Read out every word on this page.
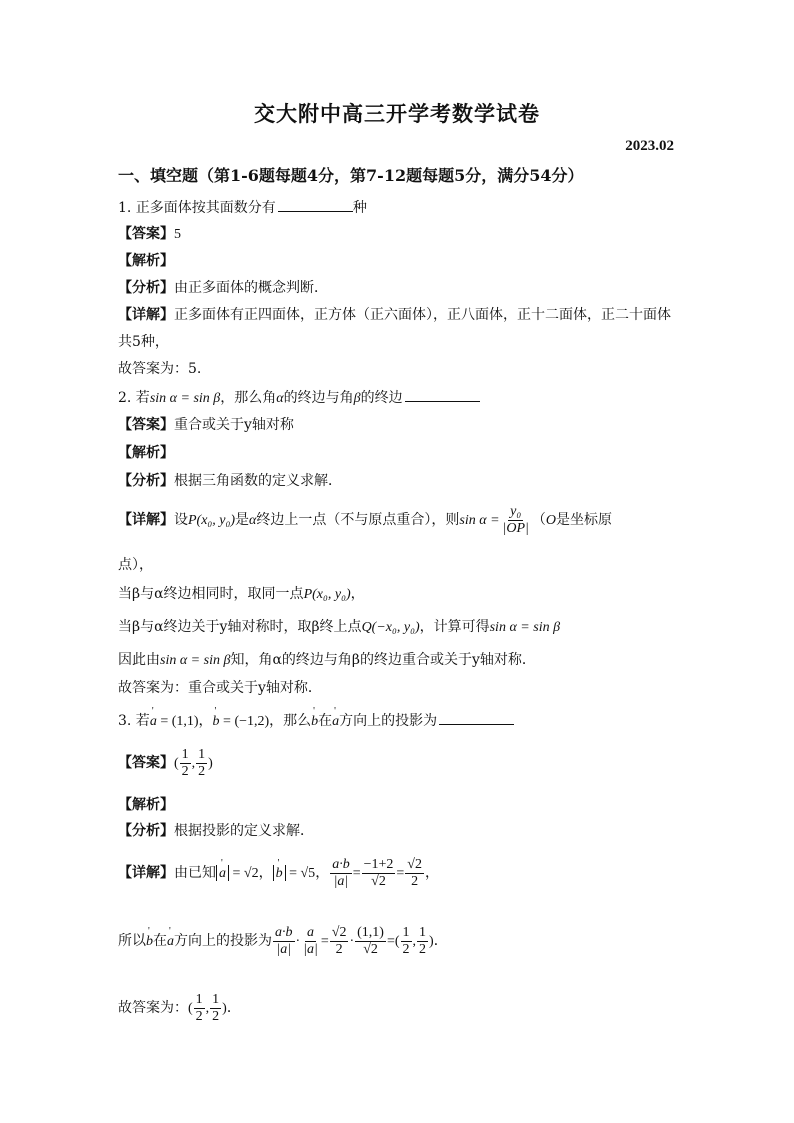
交大附中高三开学考数学试卷
2023.02
一、填空题（第1-6题每题4分，第7-12题每题5分，满分54分）
1. 正多面体按其面数分有	种
【答案】5
【解析】
【分析】由正多面体的概念判断．
【详解】正多面体有正四面体，正方体（正六面体），正八面体，正十二面体，正二十面体
共5种，
故答案为：5.
2. 若sin α = sin β，那么角α的终边与角β的终边
【答案】重合或关于y轴对称
【解析】
【分析】根据三角函数的定义求解．
【详解】设P(x₀, y₀)是α终边上一点（不与原点重合），则$\sin \alpha = \frac{\text{y₀}}{|OP|} (O$是坐标原
点），
当β与α终边相同时，取同一点P(x₀, y₀)，
当β与α终边关于y轴对称时，取β终上点Q(−x₀, y₀)，计算可得sin α = sin β
因此由sin α = sin β知，角α的终边与角β的终边重合或关于y轴对称．
故答案为：重合或关于y轴对称．
3. 若' a = (1,1)，' b = (−1,2)，那么' b在' a方向上的投影为
【答案】( $\frac{1}{2}$ , $\frac{1}{2}$ )
【解析】
【分析】根据投影的定义求解．
【详解】由已知 ' a = √2， ' b = √5， $\frac{a\cdot b}{|a|} = \frac{-1+2}{√2} = \frac{√2}{2}$ ，
所以' b在' a方向上的投影为 $\frac{a\cdot b}{|a|} \cdot \frac{a}{|a|} = \frac{√2}{2} \cdot \frac{(1,1)}{√2}$ =( $\frac{1}{2}$ , $\frac{1}{2}$ )．
故答案为：( $\frac{1}{2}$ , $\frac{1}{2}$ )．
